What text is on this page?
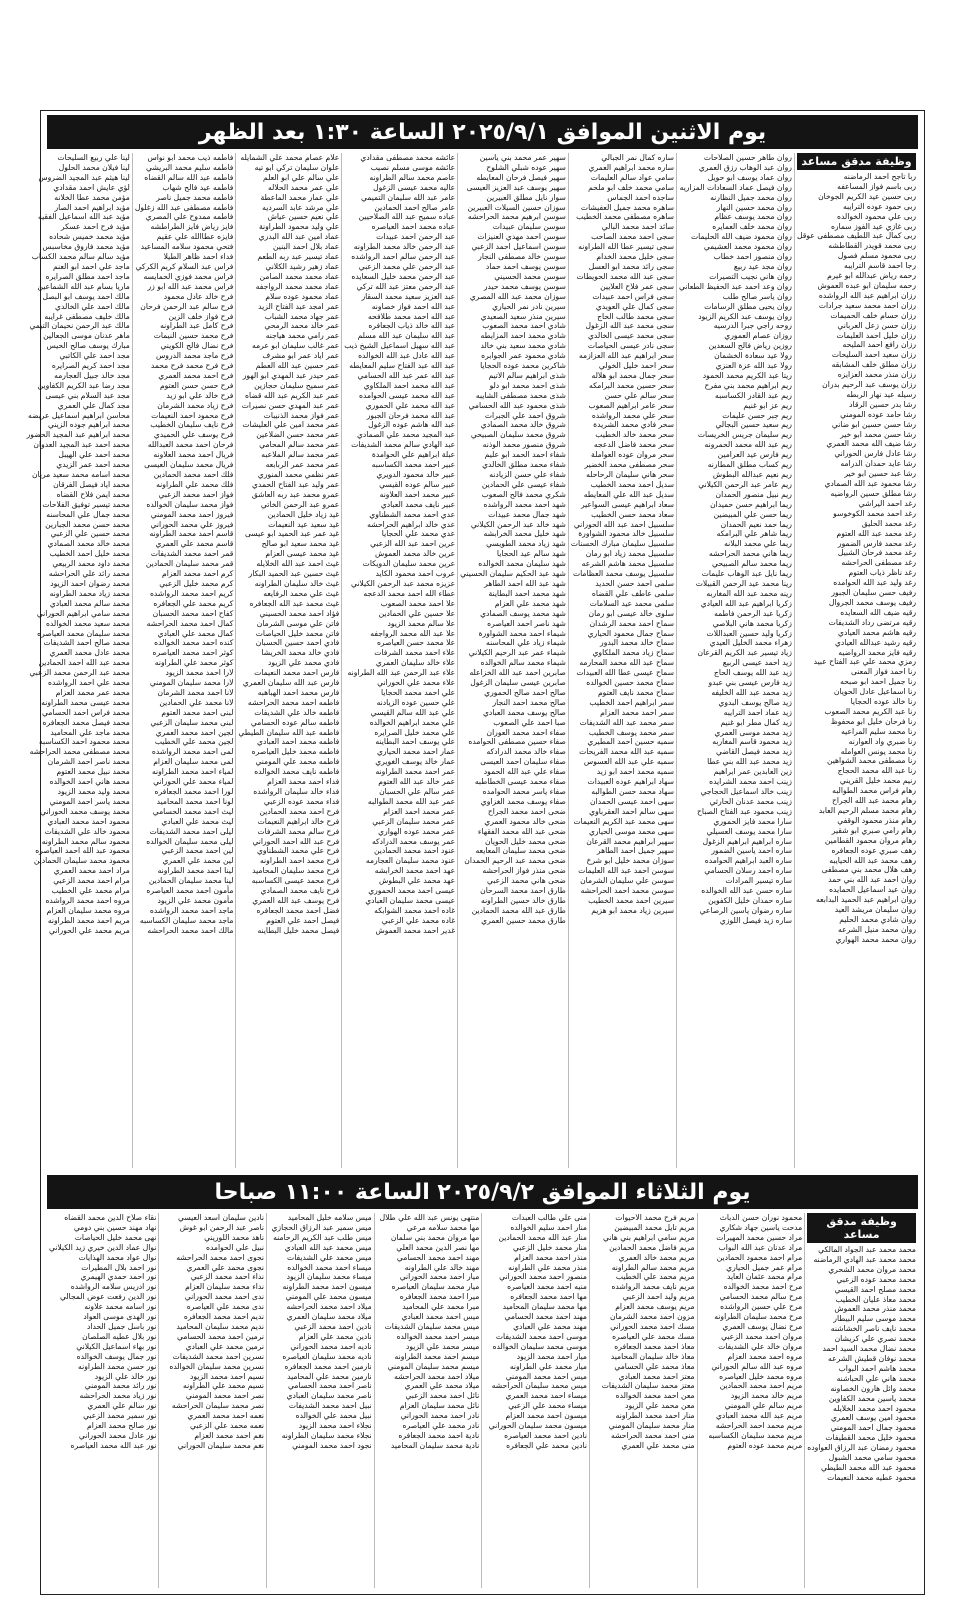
يوم الاثنين الموافق ٢٠٢٥/٩/١ الساعة ١:٣٠ بعد الظهر
وظيفة مدقق مساعد
ربا تاجح احمد الرماضنه
ربى باسم فواز المساعفه
ربى حسين عيد الكريم الجوخان
ربى حمود عوده الترايبه
ربى علي محمود الخوالده
ربى غازي عيد الفوز سماره
ربى كمال عبد اللطيف مصطفى عوقل
ربى محمد قويدر القطاطشه
ربى محمود مسلم فصول
رجا احمد قاسم الترايبه
رحمه رياض عبدالله ابو غيرم
رحمه سليمان ابو عبده العموش
رزان ابراهيم عبد الله الرواشده
رزان احمد محمد سعيد جرادات
رزان حسام خلف الحميمات
رزان حسن زعل العرباني
رزان خليل احمد العليمات
رزان رافع احمد المليحه
رزان سعيد احمد السليحات
رزان مطلق خلف المشابقه
رزان منذر محمد العزايزه
رزان يوسف عبد الرحيم بدران
رسيله عيد نهار الربطه
رشا بدر حسين الرقاد
رشا حامد عوده المومني
رشا حسن حسين ابو ضاني
رشا حسن محمد ابو خير
رشا ضيف الله محمد العمري
رشا عادل فارس الحوراني
رشا عايد حمدان الدرامه
رشا عبد حسين ابو خير
رشا محمود عبد الله الصمادي
رشا مطلق حسين الرواضيه
رغد احمد اليراشي
رغد احمد محمد الكوخوسو
رغد محمد الحليق
رغد محمد عبد الله العتوم
رغد محمد فارس الضمور
رغد محمد فرحان الشبيل
رغد مصطفى الحراحشه
رغد ناظر ذياب العتوم
رغد وليد عبد الله الحوامده
رفيف حسن سليمان الجبور
رفيف يوسف محمد الجروال
رقيه ضيف الله السعايده
رقيه مرتضى رداد الشديفات
رقيه هاشم محمد العيادي
رقيه رشيد عبدالله العيادي
رقيه فايز محمد الرواضيه
رمزي محمد علي عبد الفتاح عبيد
رنا احمد فواز المعنى
رنا جميل احمد ابو صبحه
رنا اسماعيل عادل الحويان
رنا خالد عوده الحجايا
رنا عبد الكريم محمد الصعوب
رنا فرحان خليل ابو محفوظ
رنا محمد سليم المراعيه
رنا صبري واد العوارنه
رنا محمد يونس العوامله
رنا مصطفى محمد الشواهين
رنا عبد الله محمد الحجاج
رنيم محمد خليل القريني
رهام فراس محمد الطوالبه
رهام محمد عبد الله الجراح
رهام محمد مسلم الرحيم العابد
رهام منذر محمود الوقفي
رهام رامي صبري ابو شقير
رهام مروان محمود القطامين
رهف صبري عوده الجعافره
رهف محمد عبد الله الحيايبه
رهف هلال محمد بني مصطفى
روان احمد عبد الله بني حمد
روان عيد اسماعيل الحمايده
روان ابراهيم عبد الحميد البدابعه
روان سليمان مريشد العيد
روان شادي محمد الحليم
روان محمد منيل الشرعه
روان محمد محمد الهواري
روان طاهر حسين الصلاحات
روان عبد الوهاب رزق العمري
روان عماد يوسف ابو حويل
روان فيصل عماد السعادات المزاريه
روان محمد جميل النظارنه
روان محمد حسين النهار
روان محمد يوسف عظام
روان محمد خلف العمايره
روان محمود ضيف الله الحليمات
روان محمود محمد العشيمي
روان منصور احمد خطاب
روان مجد عيد ربيع
روان هاني نجيب التصيرات
روان وعد احمد عبد الحفيظ الطعاني
روان ياسر صالح طلب
روان يحيى مطلق الرسامات
روان يوسف عبد الكريم الزيود
روحه راجي جبرا الدرسيه
روزان عصام العموري
روزين رياض فالح السعدين
رولا عيد سعادة الخشمان
رولا عبد الله عزة العنزي
ريتا عبد الكريم محمد الحمود
ريم ابراهيم محمد بني مفرح
ريم عبد القادر الكساسبه
ريم عز ابو غنيم
ريم جبر حسن عليمات
ريم سعيد حسين البجالي
ريم سليمان جريس الخريسات
ريم عبد الله محمد الحمرونه
ريم فارس عيد العرامين
ريم كساب مطلق المطارنه
ريم نعيم عبدالله البطوش
ريم عامر عبد الرحمن الكيلاني
ريم نبيل منصور الحمدان
ريما ابراهيم حسن حميدان
ريما حسن علي المبيضين
ريما حمد نعيم الحمدان
ريما شاهر علي البرامكه
ريما علي محمد البلانه
ريما هاني محمد الحراحشه
ريما محمد سالم الصبيحي
ريما نايل عبد الوهاب عليمات
رينا محمد عيد الرحمن القبيلات
رينه محمد عبد الله المغاربه
زكريا ابراهيم عبد الله العيادي
زكريا عبد الرحمن فاطمه
زكريا محمد هاني البلاصي
زكريا وليد حسين العبداللات
زهراء محمد الخليل العيدي
زياد تيسير عبد الكريم القرعان
زيد احمد عيسى الربيع
زيد عبد الله يوسف الحاج
زيد فارس عيسى بني عبدو
زيد محمد عبد الله الخليفه
زيد صالح يوسف البدوي
زيد عماد احمد الترايبه
زيد كمال مطر ابو غنيم
زيد محمد موسى العمري
زيد محمود قاسم المغاربه
زيد محمد فيصل القاضي
زيد محمد عبد الله بني عطا
زين العابدين عمر ابراهيم
زينب احمد محمد الشرايده
زينب خالد اسماعيل الحجاجي
زينب محمد عدنان الحارثي
زينب محمود عبد الفتاح الصباح
سارا محمد فايز الحموري
سارا محمد يوسف العسيلي
ساره ابراهيم ابراهيم الزغول
ساره احمد ياسين الضمور
ساره العبد ابراهيم الحوامده
ساره احمد رسلان الحسامي
ساره تيسير المرادات
ساره حسن عبد الله الخوالده
ساره حمدان خليل الكفوين
ساره رضوان ياسين الرصاعي
ساره زيد فيصل اللوزي
ساره كمال نمر الجبالي
ساره محمد ابراهيم العمري
سامي عواد سالم العليمات
سامي محمد خلف ابو ملحم
ساجده احمد الجماس
ساهره محمد جميل العفيشات
ساهره مصطفى محمد الخطيب
سائد احمد محمد البالي
سجى احمد محمد الصاحب
سجى تيسير عطا الله الطراونه
سجى خليل محمد الخدام
سجى رائد محمد ابو العسل
سجى عبد الله محمد الحويطات
سجى عمر فلاح العلايين
سجى فراس احمد عبيدات
سجى كمال علي العويدي
سجى محمد طالب الحاج
سجى محمد عبد الله الزغول
سجى محمد عيسى الخالدي
سجى نادر عيسى الحياصات
سحر ابراهيم عبد الله العزازمه
سحر احمد خليل الخولي
سحر جمال محمد ابو هلاله
سحر حسين محمد البرامكه
سحر سالم علي حسن
سحر عامر ابراهيم الصعوب
سحر علي محمد الرواشده
سحر فادي محمد الشريدة
سحر محمد خالد الخطيب
سحر محمد فاضل الدعجه
سحر مروان عوده العواملة
سحر مصطفى محمد الخضير
سحر هاني سليمان الرحاحله
سديل احمد محمد الخطيب
سديل عبد الله علي المعايطه
سعاد ابراهيم عيسى السواعير
سعاد محمد حسن الخطيب
سلسبيل احمد عبد الله الحوراني
سلسبيل خالد محمود الشواورة
سلسبيل سليمان مبارك الحسنات
سلسبيل محمد زياد ابو رمان
سلسبيل محمد هاشم الشرعه
سلسبيل يوسف محمد العظامات
سلمى احمد حسن الحديد
سلمى عاطف علي القضاه
سلمى محمد عيد السلامات
سلوى خالد عيسى ابو رمان
سماح احمد محمد الرشدان
سماح جمال محمود الحياري
سماح خالد محمد البدور
سماح زياد محمد الملكاوي
سماح عبد الله محمد المحارمه
سماح عيسى عطا الله العبيدات
سماح محمد حسين الخوالده
سماح محمد نايف العتوم
سمر ابراهيم احمد الخطيب
سمر احمد محمد العزام
سمر محمد عبد الله الشديفات
سمر محمد يوسف الخطيب
سميه حسين احمد المطيري
سميه عبد الله محمد الفريحات
سميه علي عبد الله العسوس
سميه محمد احمد ابو زيد
سهاد ابراهيم عوده العبيدات
سهاد محمد حسن الطوالبه
سهى احمد عيسى الحمدان
سهى سالم احمد العقرباوي
سهى محمد عبد الكريم النعيمات
سهى محمد موسى الحياري
سهير ابراهيم محمد القرعان
سهير جميل احمد الطاهر
سوزان محمد خليل ابو شرخ
سوسن احمد عبد الله العليمات
سوسن علي سليمان الشرمان
سوسن محمد احمد الحراحشه
سيرين احمد محمد الخطيب
سيرين زياد محمد ابو هزيم
سهير عمر محمد بني ياسين
سهير عوده شبلي الشلوح
سهير فيصل فرحان المعايطه
سهير يوسف عبد العزيز العيسى
سوار نايل مطلق العبيرين
سوزان حسين السيلات العبيرين
سوسن ابرهيم محمد الحراحشه
سوسن سليمان عبيدات
سوسن احمد مهدي العنيزات
سوسن اسماعيل احمد الزعبي
سوسن خالد مصطفى النجار
سوسن يوسف احمد حماد
سوسن محمد الحسيني
سوسن يوسف محمد حيدر
سوزان محمد عبد الله المصري
سيرين نادر نمر الحياري
سيرين منذر سعيد الصعيدي
شادي احمد محمد الصعوب
شادي محمد احمد المزايطه
شادي محمد سعيد بني خالد
شادي محمود عمر الجوابره
شاكرين محمد عوده الحجايا
شذى ابراهيم سالم الاتيم
شذى احمد محمد ابو دلو
شذى محمد مصطفى الشايبه
شذى محمود عبد الله الحسامي
شروق احمد علي الجبرات
شروق خالد محمد الصمادي
شروق محمد سليمان الصبيحي
شروق منصور محمد الوذنه
شفاء احمد الحمد ابو عليم
شفاء محمد مطلق الخالدي
شفاء علي حسن الزيادنه
شفاء عيسى علي الحمادين
شكري محمد فالح الصعوب
شهد احمد محمد الرواشده
شهد جمال محمد عبيدات
شهد خالد عبد الرحمن الكيلاني
شهد خليل محمد الخرابشه
شهد زياد محمد الطويسي
شهد سالم عيد الحجايا
شهد سليمان محمد الخوالده
شهد عبد الحكيم سليمان الحسيني
شهد عبد الله احمد الطاهر
شهد محمد احمد البطاينة
شهد محمد علي العزام
شهد محمد يوسف الصمادي
شهد ناصر احمد العياصره
شيماء احمد محمد الشواورة
شيماء زياد علي المحاسنه
شيماء عمر عبد الرحيم الكيلاني
شيماء محمد سالم الخوالده
صابرين احمد عبد الله الخزاعله
صابرين عيسى سليمان الزغول
صالح احمد صالح الحموري
صالح محمد احمد النجار
صالح يوسف محمد العبادي
صبا احمد علي الصعوب
صفاء احمد محمد العوران
صفاء حسين مصطفى الحوامده
صفاء خالد محمد الدرادكه
صفاء سليمان احمد العيسى
صفاء علي عبد الله الحمود
صفاء محمد عيسى الخطاطبه
صفاء ياسر محمد الحوامده
صفاء يوسف محمد الغزاوي
ضحى احمد محمد الجراح
ضحى خالد محمود العمري
ضحى عبد الله محمد الفقهاء
ضحى محمد خليل الحويان
ضحى محمد سليمان المعايعه
ضحى محمد عبد الرحيم الحمدان
ضحى منذر فواز الحراحشه
ضحى هاني محمد الزعبي
طارق احمد محمد السرحان
طارق خالد حسين الطراونه
طارق عبد الله محمد الحمادين
طارق محمد حسين العمري
عائشه محمد مصطفى مقدادي
عائشه موسى مسلم نصيب
عاصم محمد سالم الطراونه
عاليه محمد عيسى الزغول
عامر عبد الله سليمان التميمي
عامر صالح احمد الحمادين
عباده سميح عبد الله الصلاحيين
عباده محمد احمد العياصره
عبد الرحمن احمد عبيدات
عبد الرحمن خالد محمد الطراونه
عبد الرحمن سالم احمد الرواشده
عبد الرحمن علي محمد الزعبي
عبد الرحمن محمد خليل السعايده
عبد الرحمن معتز عبد الله تركي
عبد العزيز سعيد محمد السقار
عبد الله احمد فواز خصاونه
عبد الله احمد محمد طلافحه
عبد الله خالد ذياب الجعافره
عبد الله سليمان عبد الله مسلم
عبد الله سهيل اسماعيل الشيخ ذيب
عبد الله عادل عبد الله الخوالده
عبد الله عبد الفتاح سليم المعايطه
عبد الله عمر عبد الله الحسامي
عبد الله محمد احمد الملكاوي
عبد الله محمد عيسى الحوامده
عبد الله محمد علي الحموري
عبد الله محمد فرحان الجبور
عبد الله هاشم عوده الزغول
عبد المجيد محمد علي الصمادي
عبد الهادي سالم محمد الشديفات
عبلة ابراهيم علي الحوامدة
عبير احمد محمد الكساسبه
عبير خالد محمود الدويري
عبير سالم عوده القيسي
عبير محمد احمد العلاونه
عبير نايف محمد العبادي
عدي احمد محمد الشطناوي
عدي خالد ابراهيم الحراحشه
عدي محمد علي الحجايا
عرين احمد عبد الله الزعبي
عرين خالد محمد العموش
عرين محمد سليمان الدويكات
عروب احمد محمود الكايد
عزيزه محمد عبد الرحمن الكيلاني
عطاء الله احمد محمد الدعجه
علا احمد محمد الصعوب
علا حسين علي الحمادين
علا سالم محمد الزيود
علا عبد الله محمد الرواجفه
علا محمد حسن العياصره
علاء احمد محمد الشرفات
علاء خالد سليمان العمري
علاء عبد الرحمن عبد الله الطراونه
علاء محمد علي الحوراني
علي احمد محمد الحجايا
علي حسين عوده الزيادنه
علي عبد الله سالم القيسي
علي محمد ابراهيم الخوالده
علي محمد خليل الصرايره
علي يوسف احمد البطاينه
عمار احمد محمد الحياري
عمار خالد يوسف الغويري
عمر احمد محمد الطراونه
عمر خالد عبد الله العتوم
عمر سالم علي الحسبان
عمر عبد الله محمد الطوالبه
عمر محمد احمد العزام
عمر محمد سليمان الزعبي
عمر محمد عوده الهواري
عمر يوسف محمد الدرادكه
عنود احمد محمد الحمادين
عنود محمد سليمان العجارمه
عهد احمد محمد الخرابشه
عهد محمد علي البطوش
عيسى احمد محمد الحموري
عيسى محمد سليمان العبادي
غاده احمد محمد الشوابكه
غاده محمد علي الزعبي
غدير احمد محمد العموش
علام عصام محمد علي الشمايله
علوان سليمان تركي ابو تيه
علي سالم علي ابو العلم
علي عمر محمد الحلاله
علي عمار محمد الماعطة
علي مرشد عابد السرديه
علي نعيم حسين عياش
علي وليد محمود الطراونة
عماد امين عبد الله البدري
عماد بلال احمد البنين
عماد تيسير عبد ربه الطعم
عماد زهير رشيد الكلاني
عماد محمد محمد الصامن
عماد محمد محمد الرواجفه
عماد محمود عوده سلام
عمر امجد عبد الفتاح الزيد
عمر جهاد محمد الشباب
عمر خالد محمد الرمحي
عمر رامي محمد هياجنه
عمر غالب سليمان ابو عرمه
عمر اياد عمر ابو مشرف
عمر حسين عبد الله العطم
عمر حيدر عبد المهدي ابو الهور
عمر سميح سليمان حجازين
عمر عبد الكريم عبد الله قضاه
عمر عبد المهدي حسن نصيرات
عمر فواز محمد الذنيبات
عمر محمد امين علي العليشات
عمر محمد حسن الضلاعين
عمر محمد سالم المحامي
عمر محمد سالم الملاعبه
عمر محمد عمر الربابعه
عمر نظمي محمد المنوري
عمر وليد عبد الفتاح الحمدي
عمرو محمد عبد ربه العاشق
عمرو عبد الرحمن الخاتي
غيد زياد خليل الحمادين
غيد سعيد عيد النعيمات
غيد عمر عبد الحميد ابو عيسى
غيد محمد سعيد ابو صالح
غيد محمد عيسى العزام
غيث احمد عبد الله الخلايله
غيث حسين عبد الحميد البكار
غيث خالد سليمان الطراونه
غيث علي محمد الرفايعه
غيث محمد عبد الله الجعافره
فؤاد احمد محمد الحسيني
فاتن علي موسى الشرمان
فاتن محمد خليل الحياصات
فادي احمد حسين الحسبان
فادي خالد محمد الخريشا
فادي محمد علي الزيود
فارس احمد محمد النعيمات
فارس عبد الله سليمان العمري
فارس محمد احمد الهباهبه
فاطمه احمد محمد الحراحشه
فاطمه خالد علي الشديفات
فاطمه سالم عوده الحسامي
فاطمه عبد الله سليمان الطيطي
فاطمه محمد احمد العبادي
فاطمه محمد خليل العياصره
فاطمه محمد علي المومني
فاطمه نايف محمد الخوالده
فداء احمد محمد العزام
فداء خالد سليمان الرواشده
فداء محمد عوده الزعبي
فرح احمد محمد الحمادين
فرح خالد ابراهيم النعيمات
فرح سالم محمد الشرفات
فرح عبد الله احمد الحوراني
فرح علي محمد الشطناوي
فرح محمد احمد الطراونه
فرح محمد سليمان المحاميد
فرح محمد عيسى الكساسبه
فرح نايف محمد الصمادي
فرح يوسف عبد الله العمري
فضل احمد محمد الجعافره
فيصل احمد علي العتوم
فيصل محمد خليل البطاينه
فاطمه ذيب محمد ابو نواس
فاطمه سليم محمد البريشي
فاطمه عبد الله سالم القضاه
فاطمه عيد فالح شهاب
فاطمه محمد جميل ناصر
فاطمه مصطفى عبد الله زغلول
فاطمه ممدوح علي المصري
فايز رياض فايز الطراطشه
فايزه عطاالله علي عقيم
فتحي محمود سلامه المساعيد
فداء احمد ظاهر الطيلا
فراس عبد السلام كريم الكركي
فراس محمد فوزي الحمايسه
فراس محمد عبد الله ابو زر
فرح خالد عادل محمود
فرح سالم عبد الرحمن فرحان
فرح فواز خلف الزين
فرح كامل عبد الطراونه
فرح محمد حسين النيمات
فرح نضال فالح الكويني
فرح ماجد محمد الدروس
فرح فرح محمد فرح محمد
فرح احمد محمد العمري
فرح حسن حسن العتوم
فرح خالد علي ابو زيد
فرح زياد محمد الشرمان
فرح محمود احمد النعيمات
فرح نايف سليمان الخطيب
فرح يوسف علي الحميدي
فرحان احمد محمد العبدالله
فريال احمد محمد العلاونه
فريال محمد سليمان العيسى
فلك احمد محمد الحمادين
فلك محمد علي الطراونه
فواز احمد محمد الزعبي
فواز محمد سليمان الخوالده
فيروز احمد محمد المومني
فيروز علي محمد الحوراني
قاسم احمد محمد الطراونه
قاسم محمد علي العمري
قمر احمد محمد الشديفات
قمر محمد سليمان الحمادين
كرم احمد محمد العزام
كرم محمد خليل الزعبي
كريم احمد محمد الرواشده
كريم محمد علي الجعافره
كفاح احمد محمد الحسبان
كمال احمد محمد الحراحشه
كمال محمد علي العبادي
كنده احمد محمد الخوالده
كوثر احمد محمد العياصره
كوثر محمد علي الطراونه
لارا احمد محمد الزيود
لارا محمد سليمان المومني
لانا احمد محمد الشرمان
لانا محمد علي الحمادين
لبنى احمد محمد العتوم
لبنى محمد سليمان الزعبي
لجين احمد محمد العمري
لجين محمد علي الخطيب
لمى احمد محمد الرواشده
لمى محمد سليمان العزام
لمياء احمد محمد الطراونه
لمياء محمد علي الحوراني
لورا احمد محمد الجعافره
لونا احمد محمد المحاميد
ليث احمد محمد الحسامي
ليث محمد علي العبادي
ليلى احمد محمد الشديفات
ليلى محمد سليمان الخوالده
لين احمد محمد الزعبي
لين محمد علي العمري
لينا احمد محمد الطراونه
لينا محمد سليمان الحمادين
مأمون احمد محمد العياصره
مأمون محمد علي الزيود
ماجد احمد محمد الرواشده
ماجد محمد سليمان الكساسبه
مالك احمد محمد الحراحشه
لينا علي ربيع السليحات
لينا فيلان محمد الحلول
لينا هيثم عبد المجيد الضروس
لؤي عايش احمد مقدادي
مؤمن محمد عطا الخلانه
مؤيد ابراهيم احمد الصار
مؤيد عبد الله اسماعيل الفقيه
مؤيد فرح احمد عسكر
مؤيد محمد خميس شحاده
مؤيد محمد فاروق مخاسبس
مؤيد سالم سالم محمد الكساب
ماجد علي احمد ابو العنم
ماجد احمد مطلق الصرايره
ماريا بسام عبد الله الشماعين
مالك احمد يوسف ابو البصل
مالك احمد علي الخالدي
مالك خليف مصطفى غرايبه
مالك عبد الرحمن نحيمان التيمي
ماهر عدنان موسى الجعالين
مبارك يوسف صالح الحيس
مجد احمد علي الكاتبي
مجد احمد كريم الصرايره
مجد خالد جبيل العجارمه
مجد رضا عبد الكريم الكفاوين
مجد عبد السلام بني عيسى
مجد كمال علي العمري
محاسن ابراهيم اسماعيل عريضه
محمد ابراهيم جوده الزيني
محمد ابراهيم عبد المجيد الحضور
محمد احمد عبد المجيد العدوان
محمد احمد علي الهيبل
محمد احمد عمر الزيدي
محمد اسامه محمد سعيد مريان
محمد اياد فيصل الفرقان
محمد ايمن فلاح القضاه
محمد تيسير توفيق الفلاحات
محمد جمال علي المحاسنه
محمد حسن محمد الجبارين
محمد حسين علي الزعبي
محمد خالد محمد الصمادي
محمد خليل احمد الخطيب
محمد داود محمد الربيعي
محمد رائد علي الحراحشه
محمد رضوان احمد الزيود
محمد زياد محمد الطراونه
محمد سالم محمد العبادي
محمد سامي ابراهيم الحوراني
محمد سعيد محمد الخوالده
محمد سليمان محمد العياصره
محمد صالح احمد الشديفات
محمد عادل محمد العمري
محمد عبد الله احمد الحمادين
محمد عبد الرحمن محمد الزعبي
محمد علي احمد الرواشده
محمد عمر محمد العزام
محمد عيسى محمد الطراونه
محمد فراس احمد الحسامي
محمد فيصل محمد الجعافره
محمد ماجد علي المحاميد
محمد محمود احمد الكساسبه
محمد مصطفى محمد الحراحشه
محمد ناصر احمد الشرمان
محمد نبيل محمد العتوم
محمد هاني احمد الخوالده
محمد وليد محمد الزيود
محمد ياسر احمد المومني
محمد يوسف محمد الحوراني
محمود احمد محمد العبادي
محمود خالد علي الشديفات
محمود سالم محمد الطراونه
محمود عبد الله احمد العياصره
محمود محمد سليمان الحمادين
مراد احمد محمد العمري
مرام احمد محمد الزعبي
مرام محمد علي الخطيب
مروه احمد محمد الرواشده
مروه محمد سليمان العزام
مريم احمد محمد الطراونه
مريم محمد علي الحوراني
يوم الثلاثاء الموافق ٢٠٢٥/٩/٢ الساعة ١١:٠٠ صباحا
وظيفة مدقق مساعد
محمد محمد عبد الجواد المالكي
محمد محمد عبد الهادي الرماضنه
محمد مروان محمد الشحري
محمد محمد عوده الزعبي
محمد مصلح احمد القيسي
محمد معاذ عليان الخطيب
محمد منذر محمد العموش
محمد موسى سليم البيطار
محمد نايف ناصر الخشاشنه
محمد نصري علي كريشان
محمد نضال محمد السيد احمد
محمد نوفان قطيش الشرعه
محمد هاشم احمد البواب
محمد هاني علي الحباشنه
محمد وائل هارون الخصاونه
محمد ياسين محمد الكفاوين
محمود احمد محمد الخلايله
محمود امين يوسف العمري
محمود جمال احمد المومني
محمود خليل محمد القطيفات
محمود رمضان عبد الرزاق العواوده
محمود سامي محمد الشبول
محمود عبد الله محمد الطيطي
محمود عطيه محمد النعيمات
محمود نوران حسن الدباث
مدحت ياسين جهاد شكاري
مراد حسين محمد المهيرات
مراد عدنان عبد الله البواب
مرام احمد محمود الحمادين
مرام عمر جميل الحياري
مرام محمد عثمان العايد
مرح احمد محمد الخوالده
مرح سالم محمد الحسامي
مرح علي حسين الرواشده
مرح محمد سليمان الطراونه
مرح نضال يوسف العمري
مروان احمد محمد الزعبي
مروان خالد علي الشديفات
مروه احمد محمد العزام
مروه عبد الله سالم الحوراني
مروه محمد خليل العياصره
مريم احمد محمد الحمادين
مريم خالد محمد الزيود
مريم سالم علي المومني
مريم عبد الله محمد العبادي
مريم محمد احمد الحراحشه
مريم محمد سليمان الكساسبه
مريم محمد عوده العتوم
مريم فرح محمد الاحيوات
مريم تايل محمد المبيضين
مريم سامي ابراهيم بني هاني
مريم فاضل محمد الحمادين
مريم محمد خالد العمري
مريم محمد سالم الطراونه
مريم محمد علي الخطيب
مريم نايف محمد الرواشده
مريم وليد احمد الزعبي
مريم يوسف محمد العزام
مزون احمد محمد الشرمان
مسك احمد محمد الحوراني
مسك محمد علي العياصره
معاذ احمد محمد الجعافره
معاذ خالد سليمان المحاميد
معاذ محمد علي الحسامي
معتز احمد محمد العبادي
معتز محمد سليمان الشديفات
معن احمد محمد الخوالده
معن محمد علي الزيود
منار احمد محمد الطراونه
منار محمد سليمان المومني
منى احمد محمد الحراحشه
منى محمد علي العمري
منى علي طالب العبدات
منار احمد سليم الخوالده
منار عبد الله محمد الحمادين
منار محمد خليل الزعبي
منذر احمد محمد العزام
منذر محمد علي الطراونه
منصور احمد محمد الحوراني
منيه احمد محمد العياصره
مها احمد محمد الجعافره
مها محمد سليمان المحاميد
مهند احمد محمد الحسامي
مهند محمد علي العبادي
موسى احمد محمد الشديفات
موسى محمد سليمان الخوالده
ميار احمد محمد الزيود
ميار محمد علي الطراونه
ميس احمد محمد المومني
ميس محمد سليمان الحراحشه
ميساء احمد محمد العمري
ميساء محمد علي الزعبي
ميسون احمد محمد العزام
ميسون محمد سليمان الحوراني
نادين احمد محمد العياصره
نادين محمد علي الجعافره
منتهى يونس عبد الله علي طلال
مها محمد سلامه مرعي
مها مروان محمد بني سلمان
مها نصر الدين محمد العلي
مهند احمد محمد الحسامي
مهند خالد علي الطراونه
ميار احمد محمد الحوراني
ميار محمد سليمان العياصره
ميرا احمد محمد الجعافره
ميرا محمد علي المحاميد
ميس احمد محمد العبادي
ميس محمد سليمان الشديفات
ميسر احمد محمد الخوالده
ميسر محمد علي الزيود
ميسم احمد محمد الطراونه
ميسم محمد سليمان المومني
ميلاد احمد محمد الحراحشه
ميلاد محمد علي العمري
نائل احمد محمد الزعبي
نائل محمد سليمان العزام
نادر احمد محمد الحوراني
نادر محمد علي العياصره
نادية احمد محمد الجعافره
نادية محمد سليمان المحاميد
ميس سلامه خليل المحاميد
ميس سمير عبد الرزاق الحجازي
ميس طلب عبد الكريم الرحامنه
ميس محمد عبد الله العبادي
ميس محمد علي الشديفات
ميساء احمد محمد الخوالده
ميساء محمد سليمان الزيود
ميسون احمد محمد الطراونه
ميسون محمد علي المومني
ميلاد احمد محمد الحراحشه
ميلاد محمد سليمان العمري
نادين احمد محمد الزعبي
نادين محمد علي العزام
ناديه احمد محمد الحوراني
ناديه محمد سليمان العياصره
نارمين احمد محمد الجعافره
نارمين محمد علي المحاميد
ناصر احمد محمد الحسامي
ناصر محمد سليمان العبادي
نبيل احمد محمد الشديفات
نبيل محمد علي الخوالده
نجلاء احمد محمد الزيود
نجلاء محمد سليمان الطراونه
نجود احمد محمد المومني
نادين سليمان اسعد العيسي
ناصر عبد الرحمن ابو غوش
ناهد محمد اللوريني
نبيل علي الحوامده
نجوى احمد محمد الحراحشه
نجوى محمد علي العمري
نداء احمد محمد الزعبي
نداء محمد سليمان العزام
ندى احمد محمد الحوراني
ندى محمد علي العياصره
نديم احمد محمد الجعافره
نديم محمد سليمان المحاميد
نرمين احمد محمد الحسامي
نرمين محمد علي العبادي
نسرين احمد محمد الشديفات
نسرين محمد سليمان الخوالده
نسيم احمد محمد الزيود
نسيم محمد علي الطراونه
نصر احمد محمد المومني
نصر محمد سليمان الحراحشه
نعمه احمد محمد العمري
نعمه محمد علي الزعبي
نغم احمد محمد العزام
نغم محمد سليمان الحوراني
نقاء صلاح الدين محمد القضاه
نهاد مهند حسين بني دومي
نهى محمد خليل الحياصات
نوال عماد الدين خيري زيد الكيلاني
نوال عواد محمد الهذايات
نور احمد بلال المطيرات
نور احمد حمدي الهيمري
نور ادريس سلامه الرواشده
نور الدين رفعت عوض المجالي
نور اسامه محمد علاونه
نور الهدى موسى العواد
نور باسل جميل الحداد
نور بلال عطيه الصلصان
نور بهاء اسماعيل الكيلاني
نور جمال يوسف الخوالده
نور حسن محمد الطراونه
نور خالد علي الزيود
نور رائد محمد المومني
نور زياد محمد الحراحشه
نور سالم علي العمري
نور سمير محمد الزعبي
نور صالح محمد العزام
نور عادل محمد الحوراني
نور عبد الله محمد العياصره
